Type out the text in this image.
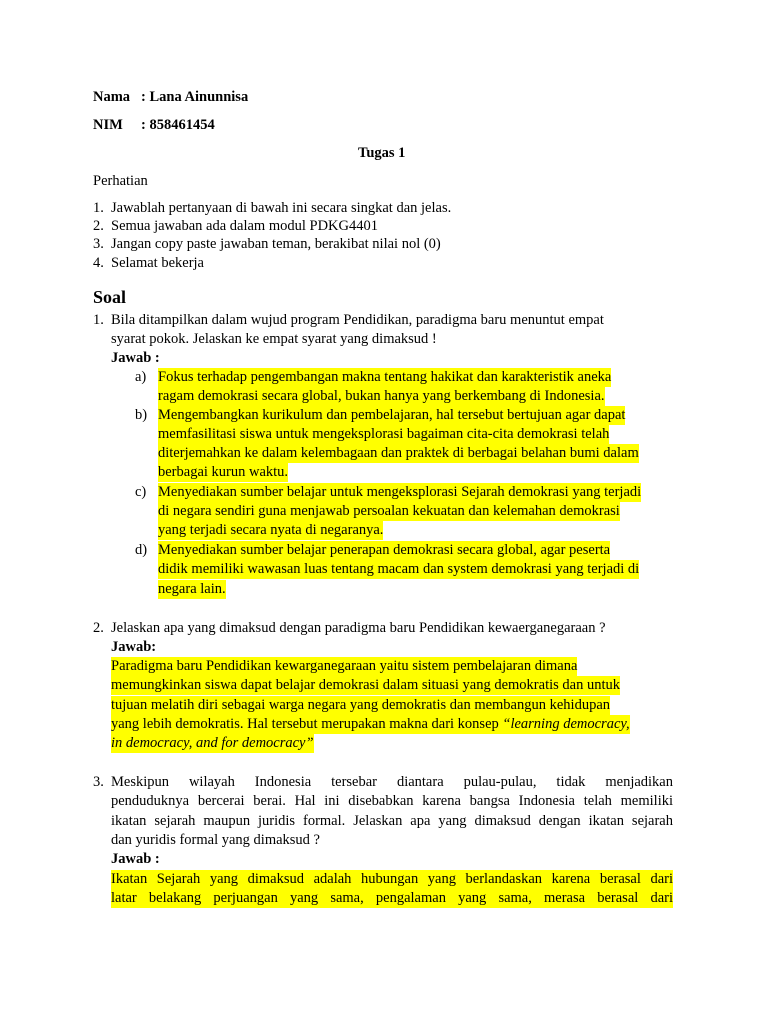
Nama : Lana Ainunnisa
NIM : 858461454
Tugas 1
Perhatian
1. Jawablah pertanyaan di bawah ini secara singkat dan jelas.
2. Semua jawaban ada dalam modul PDKG4401
3. Jangan copy paste jawaban teman, berakibat nilai nol (0)
4. Selamat bekerja
Soal
1. Bila ditampilkan dalam wujud program Pendidikan, paradigma baru menuntut empat
syarat pokok. Jelaskan ke empat syarat yang dimaksud !
Jawab :
a) Fokus terhadap pengembangan makna tentang hakikat dan karakteristik aneka
ragam demokrasi secara global, bukan hanya yang berkembang di Indonesia.
b) Mengembangkan kurikulum dan pembelajaran, hal tersebut bertujuan agar dapat
memfasilitasi siswa untuk mengeksplorasi bagaiman cita-cita demokrasi telah
diterjemahkan ke dalam kelembagaan dan praktek di berbagai belahan bumi dalam
berbagai kurun waktu.
c) Menyediakan sumber belajar untuk mengeksplorasi Sejarah demokrasi yang terjadi
di negara sendiri guna menjawab persoalan kekuatan dan kelemahan demokrasi
yang terjadi secara nyata di negaranya.
d) Menyediakan sumber belajar penerapan demokrasi secara global, agar peserta
didik memiliki wawasan luas tentang macam dan system demokrasi yang terjadi di
negara lain.
2. Jelaskan apa yang dimaksud dengan paradigma baru Pendidikan kewaerganegaraan ?
Jawab:
Paradigma baru Pendidikan kewarganegaraan yaitu sistem pembelajaran dimana
memungkinkan siswa dapat belajar demokrasi dalam situasi yang demokratis dan untuk
tujuan melatih diri sebagai warga negara yang demokratis dan membangun kehidupan
yang lebih demokratis. Hal tersebut merupakan makna dari konsep “learning democracy,
in democracy, and for democracy”
3. Meskipun wilayah Indonesia tersebar diantara pulau-pulau, tidak menjadikan
penduduknya bercerai berai. Hal ini disebabkan karena bangsa Indonesia telah memiliki
ikatan sejarah maupun juridis formal. Jelaskan apa yang dimaksud dengan ikatan sejarah
dan yuridis formal yang dimaksud ?
Jawab :
Ikatan Sejarah yang dimaksud adalah hubungan yang berlandaskan karena berasal dari
latar belakang perjuangan yang sama, pengalaman yang sama, merasa berasal dari
